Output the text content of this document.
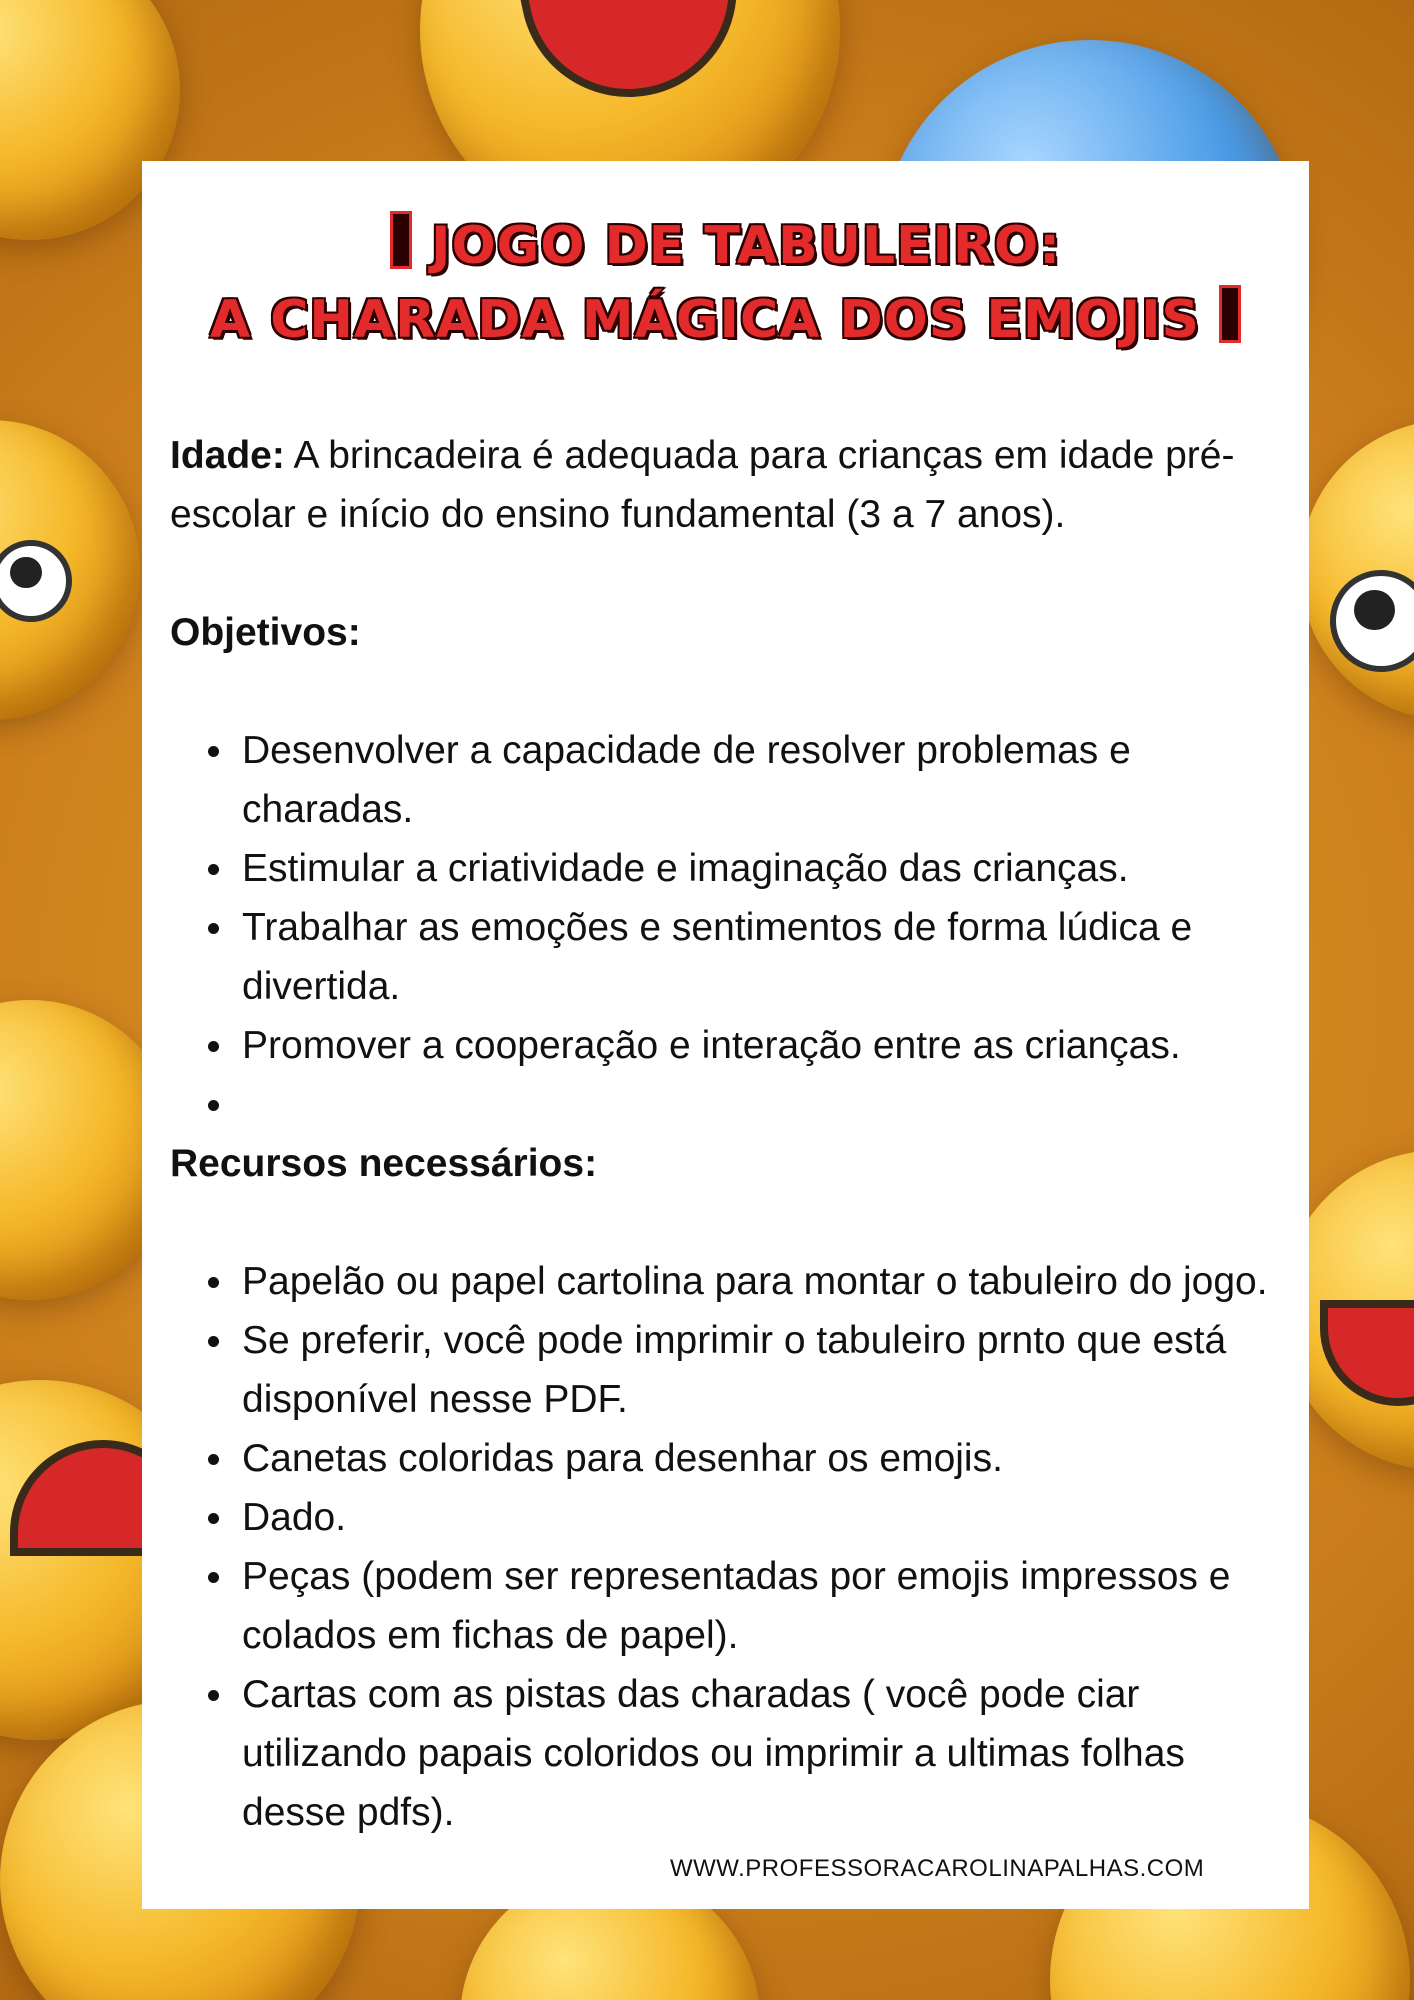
JOGO DE TABULEIRO:
A CHARADA MÁGICA DOS EMOJIS

Idade: A brincadeira é adequada para crianças em idade pré-escolar e início do ensino fundamental (3 a 7 anos).

Objetivos:

Desenvolver a capacidade de resolver problemas e charadas.
Estimular a criatividade e imaginação das crianças.
Trabalhar as emoções e sentimentos de forma lúdica e divertida.
Promover a cooperação e interação entre as crianças.

Recursos necessários:

Papelão ou papel cartolina para montar o tabuleiro do jogo.
Se preferir, você pode imprimir o tabuleiro prnto que está disponível nesse PDF.
Canetas coloridas para desenhar os emojis.
Dado.
Peças (podem ser representadas por emojis impressos e colados em fichas de papel).
Cartas com as pistas das charadas ( você pode ciar utilizando papais coloridos ou imprimir a ultimas folhas desse pdfs).
WWW.PROFESSORACAROLINAPALHAS.COM
